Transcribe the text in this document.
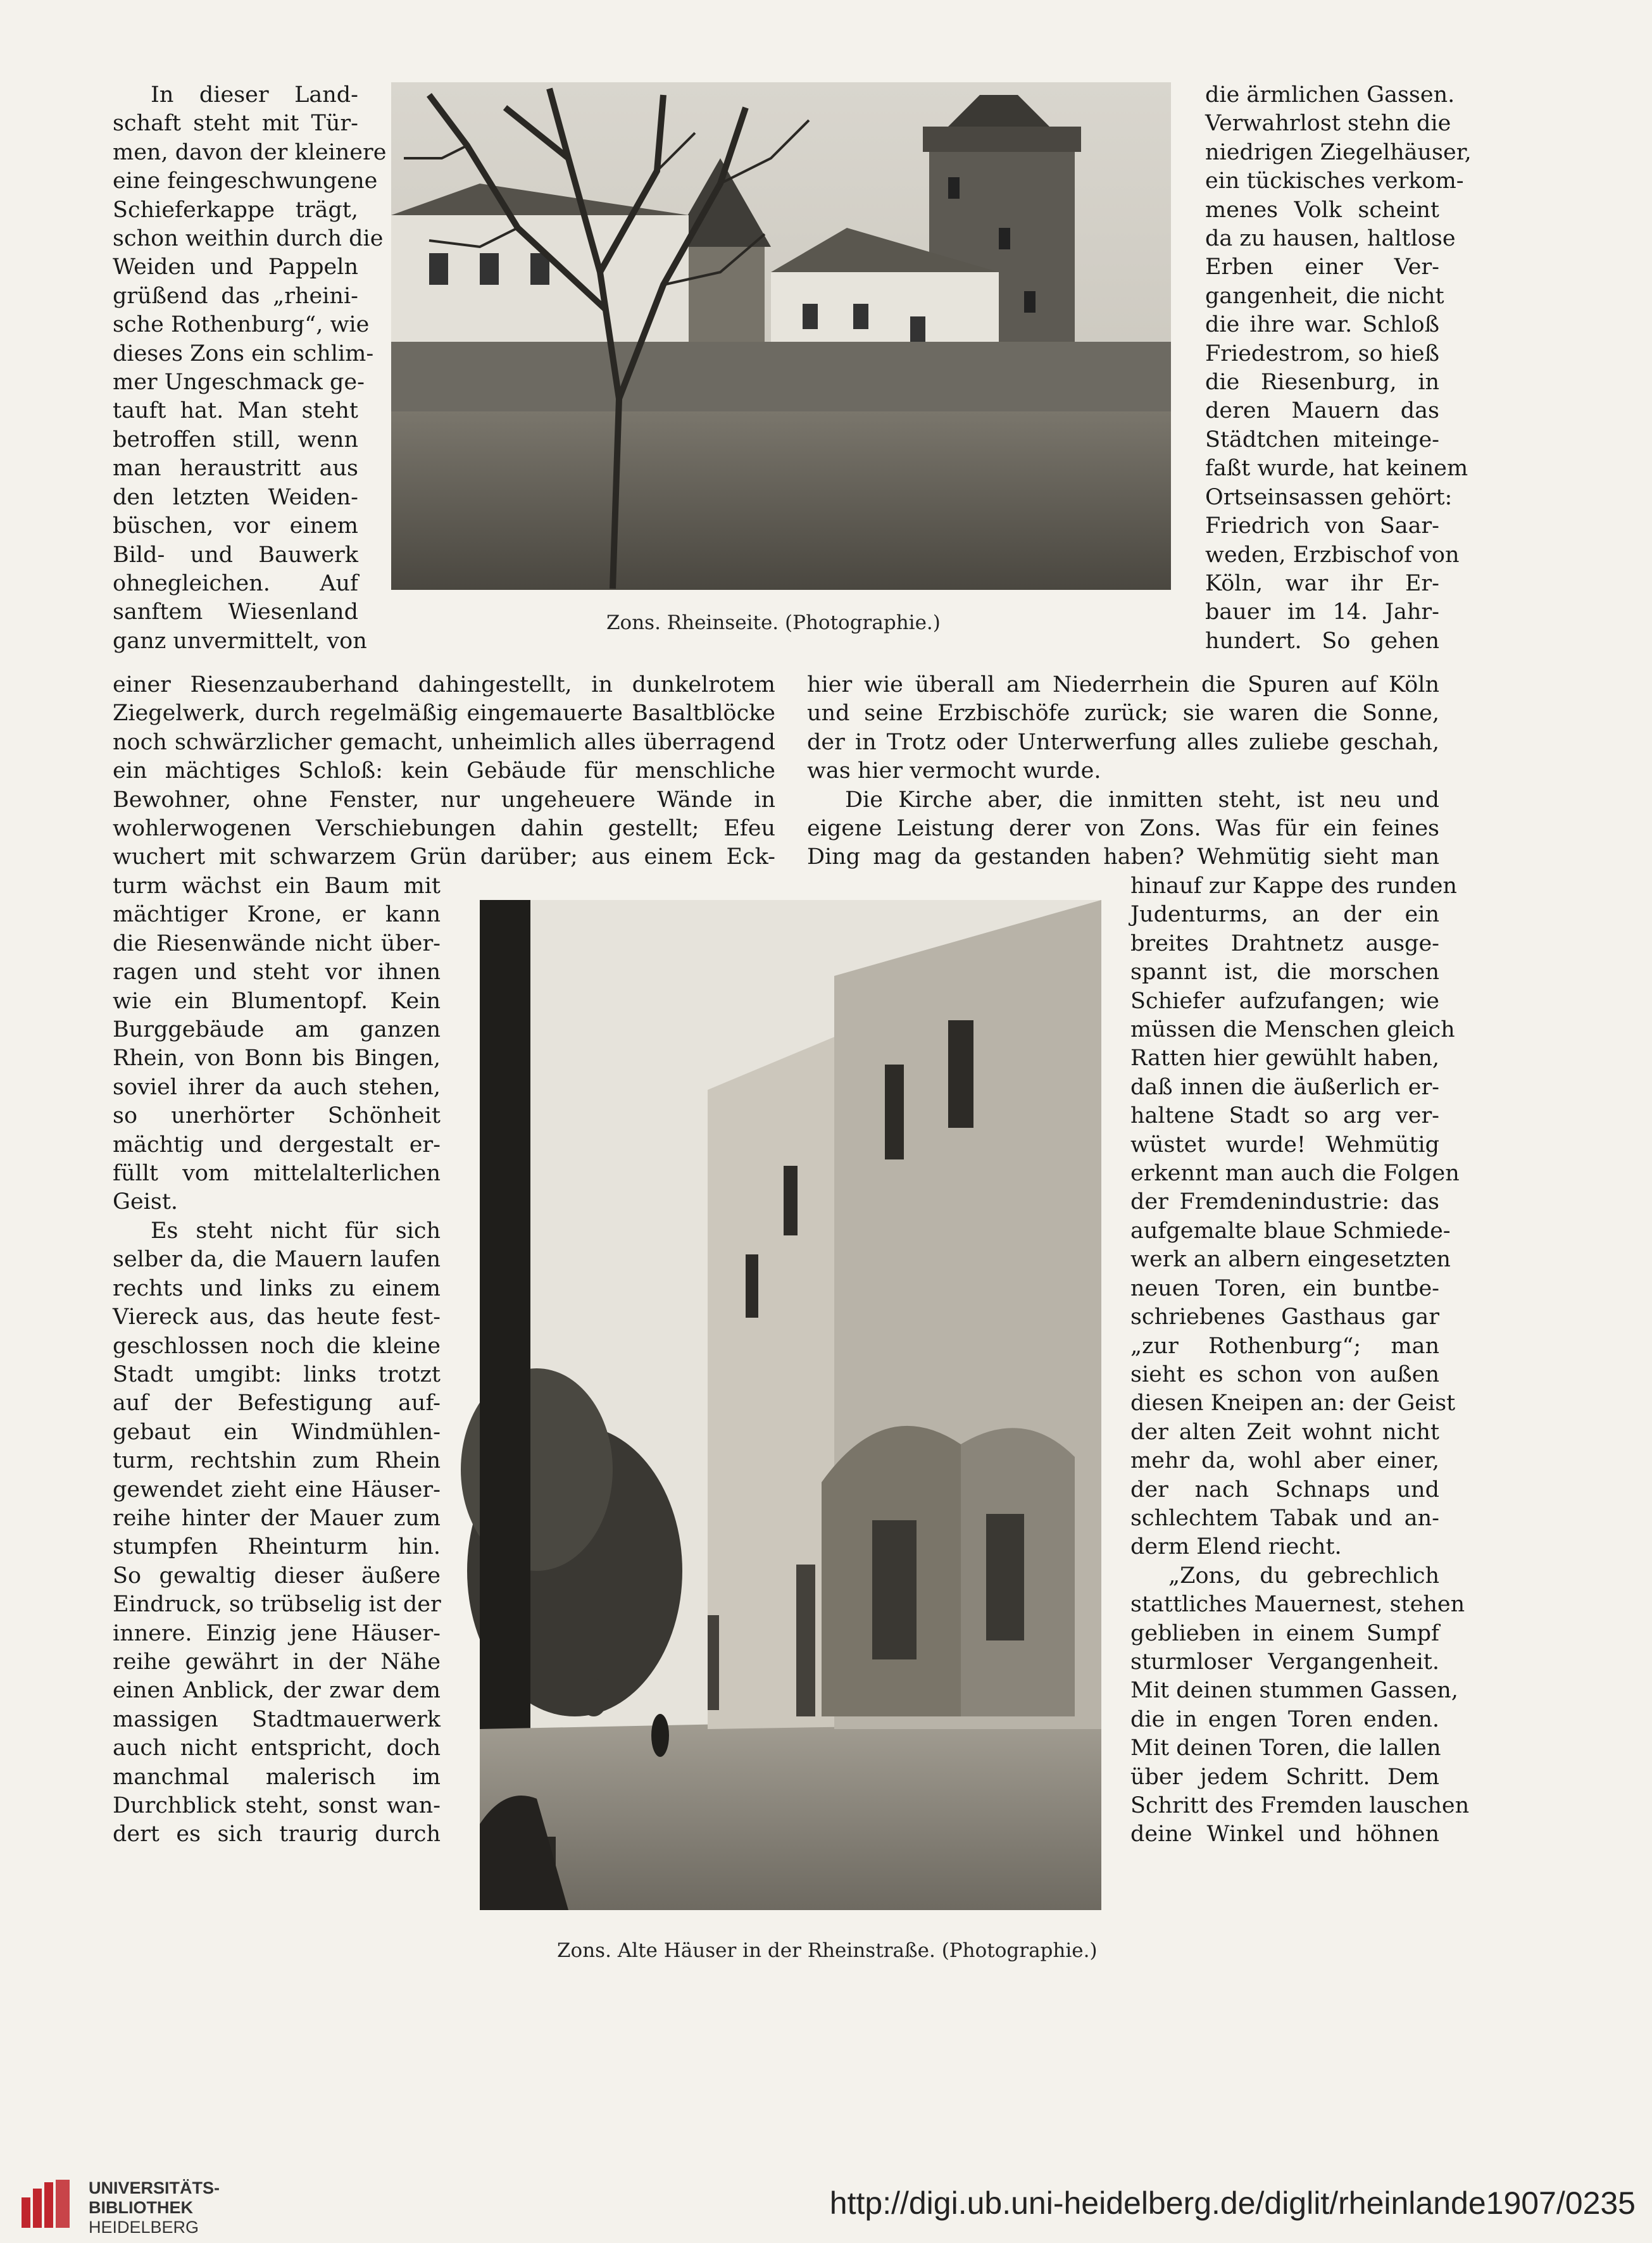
In dieser Land-

schaft steht mit Tür-

men, davon der kleinere

eine feingeschwungene

Schieferkappe trägt,

schon weithin durch die

Weiden und Pappeln

grüßend das „rheini-

sche Rothenburg“, wie

dieses Zons ein schlim-

mer Ungeschmack ge-

tauft hat. Man steht

betroffen still, wenn

man heraustritt aus

den letzten Weiden-

büschen, vor einem

Bild- und Bauwerk

ohnegleichen. Auf

sanftem Wiesenland

ganz unvermittelt, von

die ärmlichen Gassen.

Verwahrlost stehn die

niedrigen Ziegelhäuser,

ein tückisches verkom-

menes Volk scheint

da zu hausen, haltlose

Erben einer Ver-

gangenheit, die nicht

die ihre war. Schloß

Friedestrom, so hieß

die Riesenburg, in

deren Mauern das

Städtchen miteinge-

faßt wurde, hat keinem

Ortseinsassen gehört:

Friedrich von Saar-

weden, Erzbischof von

Köln, war ihr Er-

bauer im 14. Jahr-

hundert. So gehen

Zons. Rheinseite. (Photographie.)

einer Riesenzauberhand dahingestellt, in dunkelrotem

Ziegelwerk, durch regelmäßig eingemauerte Basaltblöcke

noch schwärzlicher gemacht, unheimlich alles überragend

ein mächtiges Schloß: kein Gebäude für menschliche

Bewohner, ohne Fenster, nur ungeheuere Wände in

wohlerwogenen Verschiebungen dahin gestellt; Efeu

wuchert mit schwarzem Grün darüber; aus einem Eck-

hier wie überall am Niederrhein die Spuren auf Köln

und seine Erzbischöfe zurück; sie waren die Sonne,

der in Trotz oder Unterwerfung alles zuliebe geschah,

was hier vermocht wurde.

Die Kirche aber, die inmitten steht, ist neu und

eigene Leistung derer von Zons. Was für ein feines

Ding mag da gestanden haben? Wehmütig sieht man

turm wächst ein Baum mit

mächtiger Krone, er kann

die Riesenwände nicht über-

ragen und steht vor ihnen

wie ein Blumentopf. Kein

Burggebäude am ganzen

Rhein, von Bonn bis Bingen,

soviel ihrer da auch stehen,

so unerhörter Schönheit

mächtig und dergestalt er-

füllt vom mittelalterlichen

Geist.

Es steht nicht für sich

selber da, die Mauern laufen

rechts und links zu einem

Viereck aus, das heute fest-

geschlossen noch die kleine

Stadt umgibt: links trotzt

auf der Befestigung auf-

gebaut ein Windmühlen-

turm, rechtshin zum Rhein

gewendet zieht eine Häuser-

reihe hinter der Mauer zum

stumpfen Rheinturm hin.

So gewaltig dieser äußere

Eindruck, so trübselig ist der

innere. Einzig jene Häuser-

reihe gewährt in der Nähe

einen Anblick, der zwar dem

massigen Stadtmauerwerk

auch nicht entspricht, doch

manchmal malerisch im

Durchblick steht, sonst wan-

dert es sich traurig durch

hinauf zur Kappe des runden

Judenturms, an der ein

breites Drahtnetz ausge-

spannt ist, die morschen

Schiefer aufzufangen; wie

müssen die Menschen gleich

Ratten hier gewühlt haben,

daß innen die äußerlich er-

haltene Stadt so arg ver-

wüstet wurde! Wehmütig

erkennt man auch die Folgen

der Fremdenindustrie: das

aufgemalte blaue Schmiede-

werk an albern eingesetzten

neuen Toren, ein buntbe-

schriebenes Gasthaus gar

„zur Rothenburg“; man

sieht es schon von außen

diesen Kneipen an: der Geist

der alten Zeit wohnt nicht

mehr da, wohl aber einer,

der nach Schnaps und

schlechtem Tabak und an-

derm Elend riecht.

„Zons, du gebrechlich

stattliches Mauernest, stehen

geblieben in einem Sumpf

sturmloser Vergangenheit.

Mit deinen stummen Gassen,

die in engen Toren enden.

Mit deinen Toren, die lallen

über jedem Schritt. Dem

Schritt des Fremden lauschen

deine Winkel und höhnen

Zons. Alte Häuser in der Rheinstraße. (Photographie.)
UNIVERSITÄTS-
BIBLIOTHEK
HEIDELBERG
http://digi.ub.uni-heidelberg.de/diglit/rheinlande1907/0235
